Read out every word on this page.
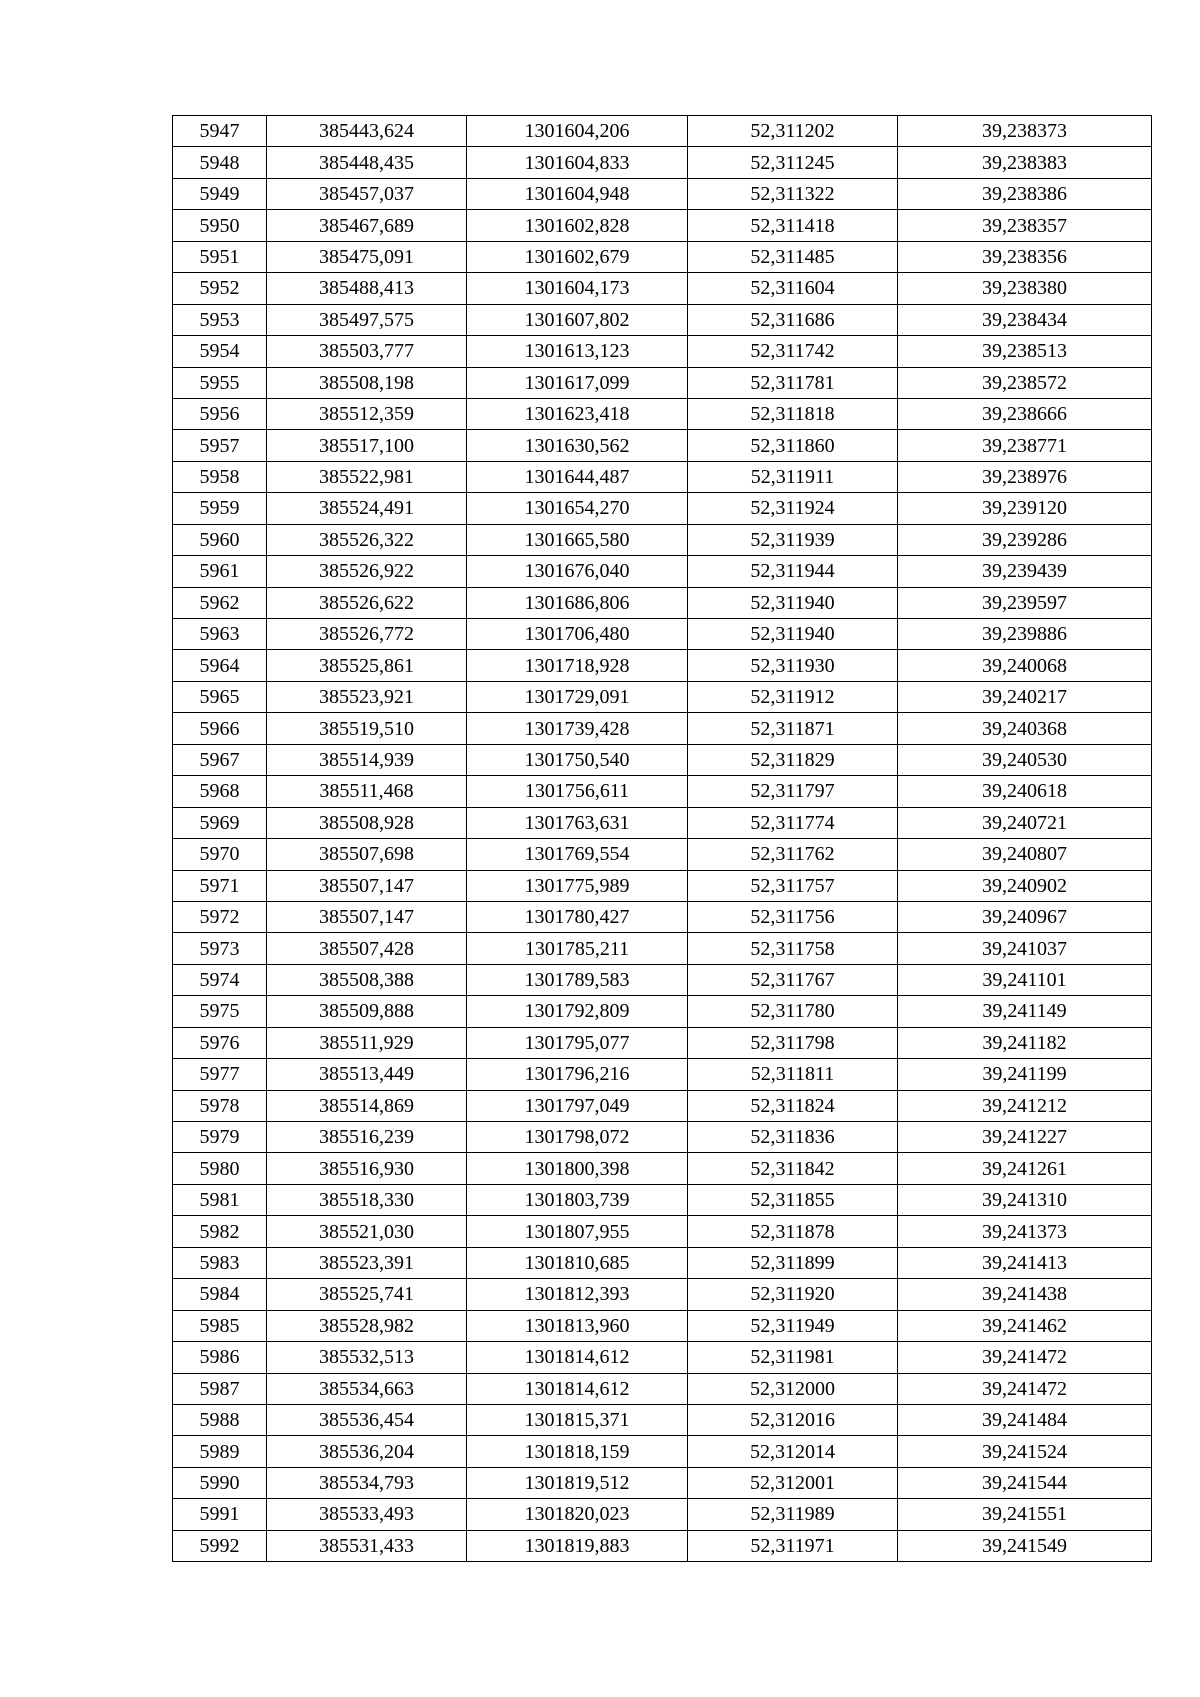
5947	385443,624	1301604,206	52,311202	39,238373
5948	385448,435	1301604,833	52,311245	39,238383
5949	385457,037	1301604,948	52,311322	39,238386
5950	385467,689	1301602,828	52,311418	39,238357
5951	385475,091	1301602,679	52,311485	39,238356
5952	385488,413	1301604,173	52,311604	39,238380
5953	385497,575	1301607,802	52,311686	39,238434
5954	385503,777	1301613,123	52,311742	39,238513
5955	385508,198	1301617,099	52,311781	39,238572
5956	385512,359	1301623,418	52,311818	39,238666
5957	385517,100	1301630,562	52,311860	39,238771
5958	385522,981	1301644,487	52,311911	39,238976
5959	385524,491	1301654,270	52,311924	39,239120
5960	385526,322	1301665,580	52,311939	39,239286
5961	385526,922	1301676,040	52,311944	39,239439
5962	385526,622	1301686,806	52,311940	39,239597
5963	385526,772	1301706,480	52,311940	39,239886
5964	385525,861	1301718,928	52,311930	39,240068
5965	385523,921	1301729,091	52,311912	39,240217
5966	385519,510	1301739,428	52,311871	39,240368
5967	385514,939	1301750,540	52,311829	39,240530
5968	385511,468	1301756,611	52,311797	39,240618
5969	385508,928	1301763,631	52,311774	39,240721
5970	385507,698	1301769,554	52,311762	39,240807
5971	385507,147	1301775,989	52,311757	39,240902
5972	385507,147	1301780,427	52,311756	39,240967
5973	385507,428	1301785,211	52,311758	39,241037
5974	385508,388	1301789,583	52,311767	39,241101
5975	385509,888	1301792,809	52,311780	39,241149
5976	385511,929	1301795,077	52,311798	39,241182
5977	385513,449	1301796,216	52,311811	39,241199
5978	385514,869	1301797,049	52,311824	39,241212
5979	385516,239	1301798,072	52,311836	39,241227
5980	385516,930	1301800,398	52,311842	39,241261
5981	385518,330	1301803,739	52,311855	39,241310
5982	385521,030	1301807,955	52,311878	39,241373
5983	385523,391	1301810,685	52,311899	39,241413
5984	385525,741	1301812,393	52,311920	39,241438
5985	385528,982	1301813,960	52,311949	39,241462
5986	385532,513	1301814,612	52,311981	39,241472
5987	385534,663	1301814,612	52,312000	39,241472
5988	385536,454	1301815,371	52,312016	39,241484
5989	385536,204	1301818,159	52,312014	39,241524
5990	385534,793	1301819,512	52,312001	39,241544
5991	385533,493	1301820,023	52,311989	39,241551
5992	385531,433	1301819,883	52,311971	39,241549
